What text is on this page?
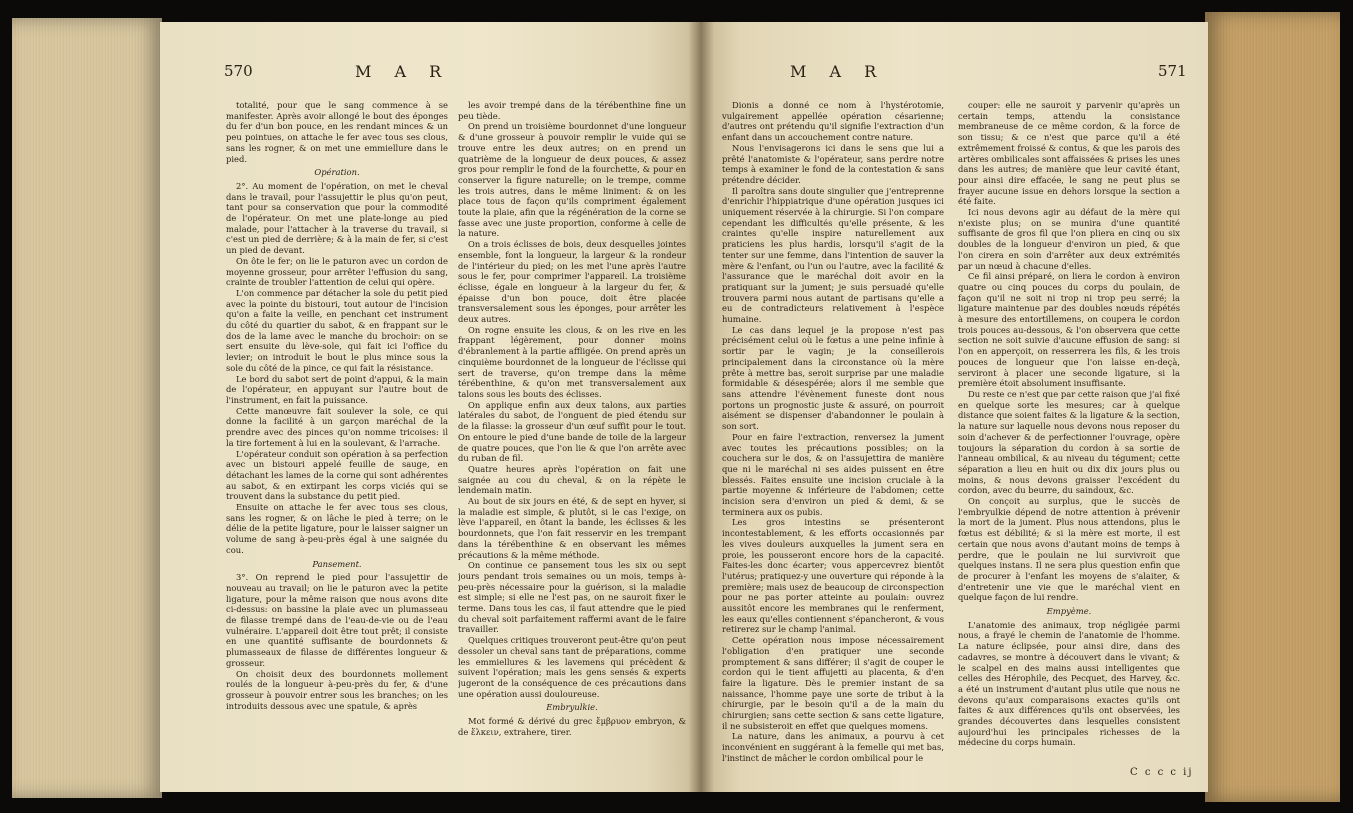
570	M A R

totalité, pour que le sang commence à se manifester. Après avoir allongé le bout des éponges du fer d'un bon pouce, en les rendant minces & un peu pointues, on attache le fer avec tous ses clous, sans les rogner, & on met une emmiellure dans le pied.

Opération.

2°. Au moment de l'opération, on met le cheval dans le travail, pour l'assujettir le plus qu'on peut, tant pour sa conservation que pour la commodité de l'opérateur. On met une plate-longe au pied malade, pour l'attacher à la traverse du travail, si c'est un pied de derrière; & à la main de fer, si c'est un pied de devant.

On ôte le fer; on lie le paturon avec un cordon de moyenne grosseur, pour arrêter l'effusion du sang, crainte de troubler l'attention de celui qui opère.

L'on commence par détacher la sole du petit pied avec la pointe du bistouri, tout autour de l'incision qu'on a faite la veille, en penchant cet instrument du côté du quartier du sabot, & en frappant sur le dos de la lame avec le manche du brochoir: on se sert ensuite du lève-sole, qui fait ici l'office du levier; on introduit le bout le plus mince sous la sole du côté de la pince, ce qui fait la résistance.

Le bord du sabot sert de point d'appui, & la main de l'opérateur, en appuyant sur l'autre bout de l'instrument, en fait la puissance.

Cette manœuvre fait soulever la sole, ce qui donne la facilité à un garçon maréchal de la prendre avec des pinces qu'on nomme tricoises: il la tire fortement à lui en la soulevant, & l'arrache.

L'opérateur conduit son opération à sa perfection avec un bistouri appelé feuille de sauge, en détachant les lames de la corne qui sont adhérentes au sabot, & en extirpant les corps viciés qui se trouvent dans la substance du petit pied.

Ensuite on attache le fer avec tous ses clous, sans les rogner, & on lâche le pied à terre; on le délie de la petite ligature, pour le laisser saigner un volume de sang à-peu-près égal à une saignée du cou.

Pansement.

3°. On reprend le pied pour l'assujettir de nouveau au travail; on lie le paturon avec la petite ligature, pour la même raison que nous avons dite ci-dessus: on bassine la plaie avec un plumasseau de filasse trempé dans de l'eau-de-vie ou de l'eau vulnéraire. L'appareil doit être tout prêt; il consiste en une quantité suffisante de bourdonnets & plumasseaux de filasse de différentes longueur & grosseur.

On choisit deux des bourdonnets mollement roulés de la longueur à-peu-près du fer, & d'une grosseur à pouvoir entrer sous les branches; on les introduits dessous avec une spatule, & après

les avoir trempé dans de la térébenthine fine un peu tiède.

On prend un troisième bourdonnet d'une longueur & d'une grosseur à pouvoir remplir le vuide qui se trouve entre les deux autres; on en prend un quatrième de la longueur de deux pouces, & assez gros pour remplir le fond de la fourchette, & pour en conserver la figure naturelle; on le trempe, comme les trois autres, dans le même liniment: & on les place tous de façon qu'ils compriment également toute la plaie, afin que la régénération de la corne se fasse avec une juste proportion, conforme à celle de la nature.

On a trois éclisses de bois, deux desquelles jointes ensemble, font la longueur, la largeur & la rondeur de l'intérieur du pied; on les met l'une après l'autre sous le fer, pour comprimer l'appareil. La troisième éclisse, égale en longueur à la largeur du fer, & épaisse d'un bon pouce, doit être placée transversalement sous les éponges, pour arrêter les deux autres.

On rogne ensuite les clous, & on les rive en les frappant légèrement, pour donner moins d'ébranlement à la partie affligée. On prend après un cinquième bourdonnet de la longueur de l'éclisse qui sert de traverse, qu'on trempe dans la même térébenthine, & qu'on met transversalement aux talons sous les bouts des éclisses.

On applique enfin aux deux talons, aux parties latérales du sabot, de l'onguent de pied étendu sur de la filasse: la grosseur d'un œuf suffit pour le tout. On entoure le pied d'une bande de toile de la largeur de quatre pouces, que l'on lie & que l'on arrête avec du ruban de fil.

Quatre heures après l'opération on fait une saignée au cou du cheval, & on la répète le lendemain matin.

Au bout de six jours en été, & de sept en hyver, si la maladie est simple, & plutôt, si le cas l'exige, on lève l'appareil, en ôtant la bande, les éclisses & les bourdonnets, que l'on fait resservir en les trempant dans la térébenthine & en observant les mêmes précautions & la même méthode.

On continue ce pansement tous les six ou sept jours pendant trois semaines ou un mois, temps à-peu-près nécessaire pour la guérison, si la maladie est simple; si elle ne l'est pas, on ne sauroit fixer le terme. Dans tous les cas, il faut attendre que le pied du cheval soit parfaitement raffermi avant de le faire travailler.

Quelques critiques trouveront peut-être qu'on peut dessoler un cheval sans tant de préparations, comme les emmiellures & les lavemens qui précèdent & suivent l'opération; mais les gens sensés & experts jugeront de la conséquence de ces précautions dans une opération aussi douloureuse.

Embryulkie.

Mot formé & dérivé du grec ἔμβρυον embryon, & de ἕλκειν, extrahere, tirer.

M A R	571

Dionis a donné ce nom à l'hystérotomie, vulgairement appellée opération césarienne; d'autres ont prétendu qu'il signifie l'extraction d'un enfant dans un accouchement contre nature.

Nous l'envisagerons ici dans le sens que lui a prêté l'anatomiste & l'opérateur, sans perdre notre temps à examiner le fond de la contestation & sans prétendre décider.

Il paroîtra sans doute singulier que j'entreprenne d'enrichir l'hippiatrique d'une opération jusques ici uniquement réservée à la chirurgie. Si l'on compare cependant les difficultés qu'elle présente, & les craintes qu'elle inspire naturellement aux praticiens les plus hardis, lorsqu'il s'agit de la tenter sur une femme, dans l'intention de sauver la mère & l'enfant, ou l'un ou l'autre, avec la facilité & l'assurance que le maréchal doit avoir en la pratiquant sur la jument; je suis persuadé qu'elle trouvera parmi nous autant de partisans qu'elle a eu de contradicteurs relativement à l'espèce humaine.

Le cas dans lequel je la propose n'est pas précisément celui où le fœtus a une peine infinie à sortir par le vagin; je la conseillerois principalement dans la circonstance où la mère prête à mettre bas, seroit surprise par une maladie formidable & désespérée; alors il me semble que sans attendre l'évènement funeste dont nous portons un prognostic juste & assuré, on pourroit aisément se dispenser d'abandonner le poulain à son sort.

Pour en faire l'extraction, renversez la jument avec toutes les précautions possibles; on la couchera sur le dos, & on l'assujettira de manière que ni le maréchal ni ses aides puissent en être blessés. Faites ensuite une incision cruciale à la partie moyenne & inférieure de l'abdomen; cette incision sera d'environ un pied & demi, & se terminera aux os pubis.

Les gros intestins se présenteront incontestablement, & les efforts occasionnés par les vives douleurs auxquelles la jument sera en proie, les pousseront encore hors de la capacité. Faites-les donc écarter; vous appercevrez bientôt l'utérus; pratiquez-y une ouverture qui réponde à la première; mais usez de beaucoup de circonspection pour ne pas porter atteinte au poulain: ouvrez aussitôt encore les membranes qui le renferment, les eaux qu'elles contiennent s'épancheront, & vous retirerez sur le champ l'animal.

Cette opération nous impose nécessairement l'obligation d'en pratiquer une seconde promptement & sans différer; il s'agit de couper le cordon qui le tient affujetti au placenta, & d'en faire la ligature. Dès le premier instant de sa naissance, l'homme paye une sorte de tribut à la chirurgie, par le besoin qu'il a de la main du chirurgien; sans cette section & sans cette ligature, il ne subsisteroit en effet que quelques momens.

La nature, dans les animaux, a pourvu à cet inconvénient en suggérant à la femelle qui met bas, l'instinct de mâcher le cordon ombilical pour le

couper: elle ne sauroit y parvenir qu'après un certain temps, attendu la consistance membraneuse de ce même cordon, & la force de son tissu; & ce n'est que parce qu'il a été extrêmement froissé & contus, & que les parois des artères ombilicales sont affaissées & prises les unes dans les autres; de manière que leur cavité étant, pour ainsi dire effacée, le sang ne peut plus se frayer aucune issue en dehors lorsque la section a été faite.

Ici nous devons agir au défaut de la mère qui n'existe plus; on se munira d'une quantité suffisante de gros fil que l'on pliera en cinq ou six doubles de la longueur d'environ un pied, & que l'on cirera en soin d'arrêter aux deux extrémités par un nœud à chacune d'elles.

Ce fil ainsi préparé, on liera le cordon à environ quatre ou cinq pouces du corps du poulain, de façon qu'il ne soit ni trop ni trop peu serré; la ligature maintenue par des doubles nœuds répétés à mesure des entortillemens, on coupera le cordon trois pouces au-dessous, & l'on observera que cette section ne soit suivie d'aucune effusion de sang: si l'on en apperçoit, on resserrera les fils, & les trois pouces de longueur que l'on laisse en-deçà, serviront à placer une seconde ligature, si la première étoit absolument insuffisante.

Du reste ce n'est que par cette raison que j'ai fixé en quelque sorte les mesures; car à quelque distance que soient faites & la ligature & la section, la nature sur laquelle nous devons nous reposer du soin d'achever & de perfectionner l'ouvrage, opère toujours la séparation du cordon à sa sortie de l'anneau ombilical, & au niveau du tégument; cette séparation a lieu en huit ou dix dix jours plus ou moins, & nous devons graisser l'excédent du cordon, avec du beurre, du saindoux, &c.

On conçoit au surplus, que le succès de l'embryulkie dépend de notre attention à prévenir la mort de la jument. Plus nous attendons, plus le fœtus est débilité; & si la mère est morte, il est certain que nous avons d'autant moins de temps à perdre, que le poulain ne lui survivroit que quelques instans. Il ne sera plus question enfin que de procurer à l'enfant les moyens de s'alaiter, & d'entretenir une vie que le maréchal vient en quelque façon de lui rendre.

Empyème.

L'anatomie des animaux, trop négligée parmi nous, a frayé le chemin de l'anatomie de l'homme. La nature éclipsée, pour ainsi dire, dans des cadavres, se montre à découvert dans le vivant; & le scalpel en des mains aussi intelligentes que celles des Hérophile, des Pecquet, des Harvey, &c. a été un instrument d'autant plus utile que nous ne devons qu'aux comparaisons exactes qu'ils ont faites & aux différences qu'ils ont observées, les grandes découvertes dans lesquelles consistent aujourd'hui les principales richesses de la médecine du corps humain.

C c c c ij
